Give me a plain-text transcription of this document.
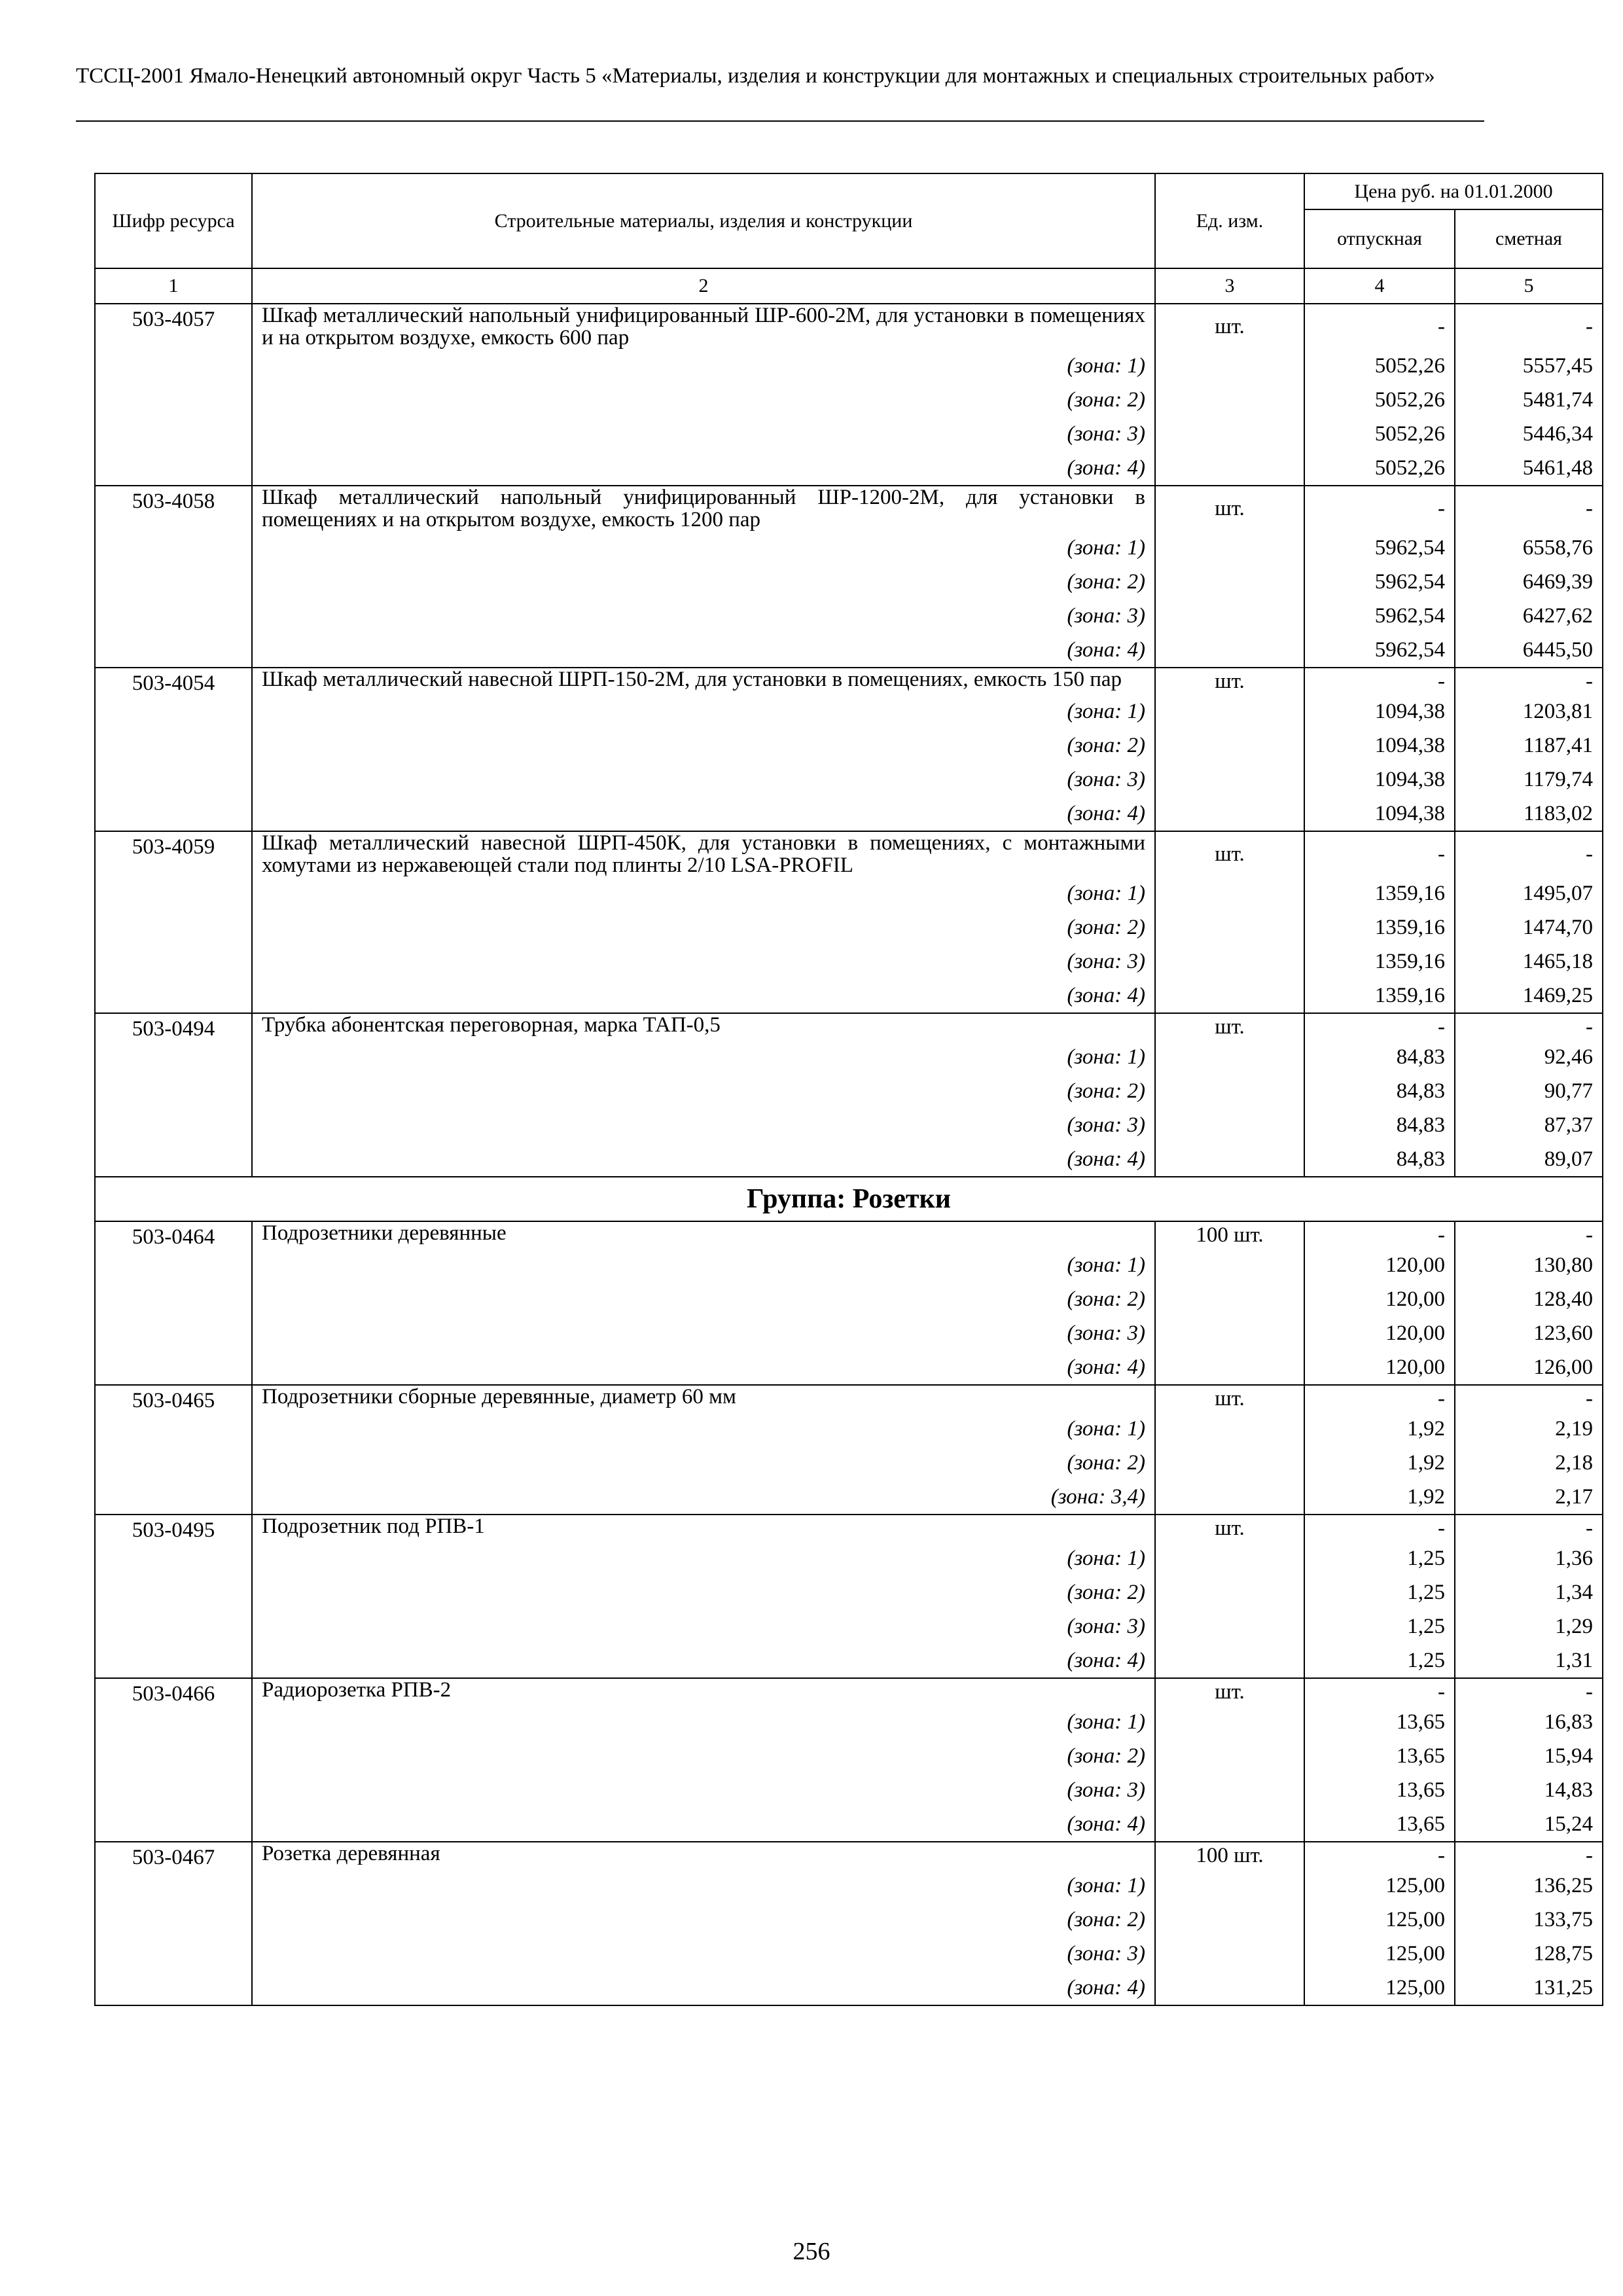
ТССЦ-2001 Ямало-Ненецкий автономный округ Часть 5 «Материалы, изделия и конструкции для монтажных и специальных строительных работ»
Шифр ресурса	Строительные материалы, изделия и конструкции	Ед. изм.	Цена руб. на 01.01.2000	
			отпускная	сметная
1	2	3	4	5
503-4057	Шкаф металлический напольный унифицированный ШР-600-2М, для установки в помещениях и на открытом воздухе, емкость 600 пар	шт.	-	-
	(зона: 1)		5052,26	5557,45
	(зона: 2)		5052,26	5481,74
	(зона: 3)		5052,26	5446,34
	(зона: 4)		5052,26	5461,48
503-4058	Шкаф металлический напольный унифицированный ШР-1200-2М, для установки в помещениях и на открытом воздухе, емкость 1200 пар	шт.	-	-
	(зона: 1)		5962,54	6558,76
	(зона: 2)		5962,54	6469,39
	(зона: 3)		5962,54	6427,62
	(зона: 4)		5962,54	6445,50
503-4054	Шкаф металлический навесной ШРП-150-2М, для установки в помещениях, емкость 150 пар	шт.	-	-
	(зона: 1)		1094,38	1203,81
	(зона: 2)		1094,38	1187,41
	(зона: 3)		1094,38	1179,74
	(зона: 4)		1094,38	1183,02
503-4059	Шкаф металлический навесной ШРП-450К, для установки в помещениях, с монтажными хомутами из нержавеющей стали под плинты 2/10 LSA-PROFIL	шт.	-	-
	(зона: 1)		1359,16	1495,07
	(зона: 2)		1359,16	1474,70
	(зона: 3)		1359,16	1465,18
	(зона: 4)		1359,16	1469,25
503-0494	Трубка абонентская переговорная, марка ТАП-0,5	шт.	-	-
	(зона: 1)		84,83	92,46
	(зона: 2)		84,83	90,77
	(зона: 3)		84,83	87,37
	(зона: 4)		84,83	89,07
Группа: Розетки				
503-0464	Подрозетники деревянные	100 шт.	-	-
	(зона: 1)		120,00	130,80
	(зона: 2)		120,00	128,40
	(зона: 3)		120,00	123,60
	(зона: 4)		120,00	126,00
503-0465	Подрозетники сборные деревянные, диаметр 60 мм	шт.	-	-
	(зона: 1)		1,92	2,19
	(зона: 2)		1,92	2,18
	(зона: 3,4)		1,92	2,17
503-0495	Подрозетник под РПВ-1	шт.	-	-
	(зона: 1)		1,25	1,36
	(зона: 2)		1,25	1,34
	(зона: 3)		1,25	1,29
	(зона: 4)		1,25	1,31
503-0466	Радиорозетка РПВ-2	шт.	-	-
	(зона: 1)		13,65	16,83
	(зона: 2)		13,65	15,94
	(зона: 3)		13,65	14,83
	(зона: 4)		13,65	15,24
503-0467	Розетка деревянная	100 шт.	-	-
	(зона: 1)		125,00	136,25
	(зона: 2)		125,00	133,75
	(зона: 3)		125,00	128,75
	(зона: 4)		125,00	131,25
256
